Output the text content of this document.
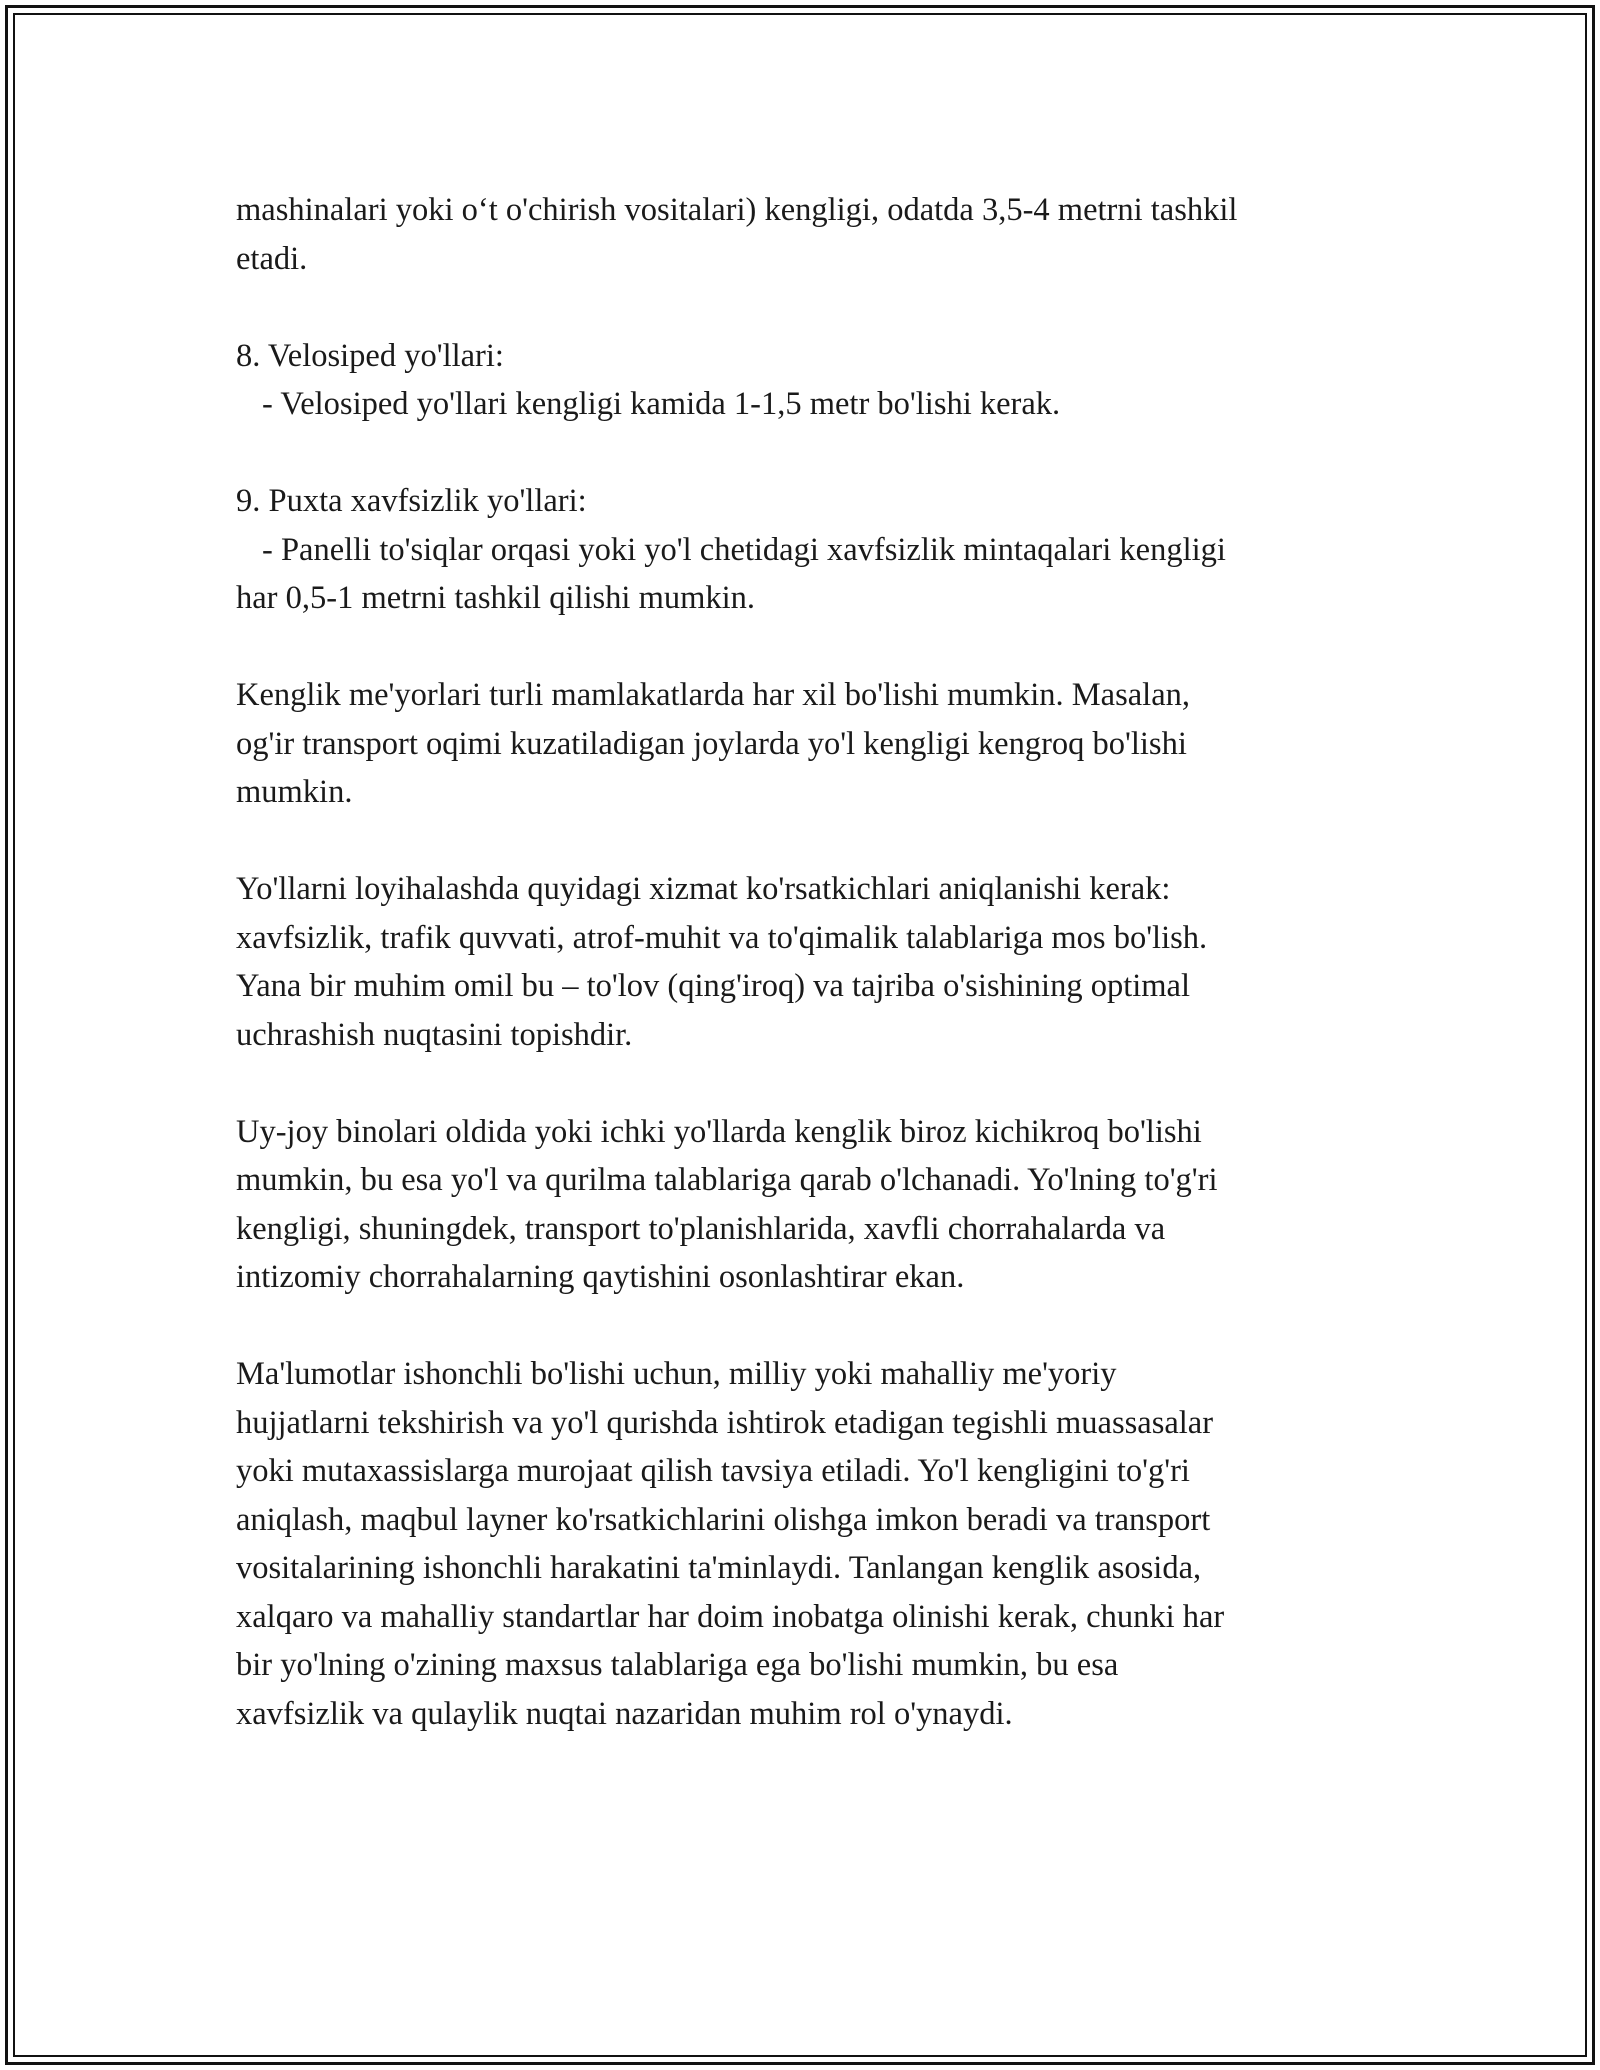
mashinalari yoki o‘t o'chirish vositalari) kengligi, odatda 3,5-4 metrni tashkil
etadi.

8. Velosiped yo'llari:
- Velosiped yo'llari kengligi kamida 1-1,5 metr bo'lishi kerak.

9. Puxta xavfsizlik yo'llari:
- Panelli to'siqlar orqasi yoki yo'l chetidagi xavfsizlik mintaqalari kengligi
har 0,5-1 metrni tashkil qilishi mumkin.

Kenglik me'yorlari turli mamlakatlarda har xil bo'lishi mumkin. Masalan,
og'ir transport oqimi kuzatiladigan joylarda yo'l kengligi kengroq bo'lishi
mumkin.

Yo'llarni loyihalashda quyidagi xizmat ko'rsatkichlari aniqlanishi kerak:
xavfsizlik, trafik quvvati, atrof-muhit va to'qimalik talablariga mos bo'lish.
Yana bir muhim omil bu – to'lov (qing'iroq) va tajriba o'sishining optimal
uchrashish nuqtasini topishdir.

Uy-joy binolari oldida yoki ichki yo'llarda kenglik biroz kichikroq bo'lishi
mumkin, bu esa yo'l va qurilma talablariga qarab o'lchanadi. Yo'lning to'g'ri
kengligi, shuningdek, transport to'planishlarida, xavfli chorrahalarda va
intizomiy chorrahalarning qaytishini osonlashtirar ekan.

Ma'lumotlar ishonchli bo'lishi uchun, milliy yoki mahalliy me'yoriy
hujjatlarni tekshirish va yo'l qurishda ishtirok etadigan tegishli muassasalar
yoki mutaxassislarga murojaat qilish tavsiya etiladi. Yo'l kengligini to'g'ri
aniqlash, maqbul layner ko'rsatkichlarini olishga imkon beradi va transport
vositalarining ishonchli harakatini ta'minlaydi. Tanlangan kenglik asosida,
xalqaro va mahalliy standartlar har doim inobatga olinishi kerak, chunki har
bir yo'lning o'zining maxsus talablariga ega bo'lishi mumkin, bu esa
xavfsizlik va qulaylik nuqtai nazaridan muhim rol o'ynaydi.
